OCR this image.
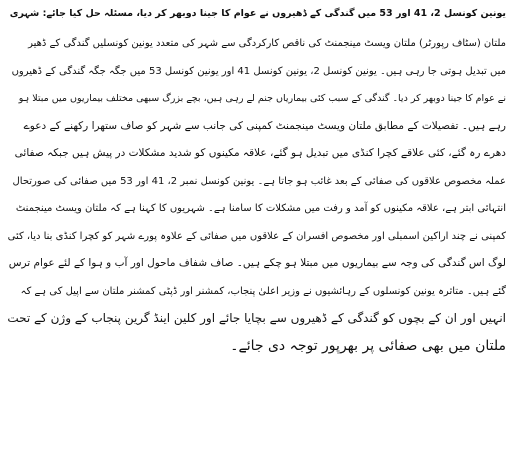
یونین کونسل 2، 41 اور 53 میں گندگی کے ڈھیروں نے عوام کا جینا دوبھر کر دیا، مسئلہ حل کیا جائے: شہری
ملتان (سٹاف رپورٹر) ملتان ویسٹ مینجمنٹ کی ناقص کارکردگی سے شہر کی متعدد یونین کونسلیں گندگی کے ڈھیر
میں تبدیل ہوتی جا رہی ہیں۔ یونین کونسل 2، یونین کونسل 41 اور یونین کونسل 53 میں جگہ جگہ گندگی کے ڈھیروں
نے عوام کا جینا دوبھر کر دیا۔ گندگی کے سبب کئی بیماریاں جنم لے رہی ہیں، بچے بزرگ سبھی مختلف بیماریوں میں مبتلا ہو
رہے ہیں۔ تفصیلات کے مطابق ملتان ویسٹ مینجمنٹ کمپنی کی جانب سے شہر کو صاف ستھرا رکھنے کے دعوے
دھرے رہ گئے، کئی علاقے کچرا کنڈی میں تبدیل ہو گئے، علاقہ مکینوں کو شدید مشکلات در پیش ہیں جبکہ صفائی
عملہ مخصوص علاقوں کی صفائی کے بعد غائب ہو جاتا ہے۔ یونین کونسل نمبر 2، 41 اور 53 میں صفائی کی صورتحال
انتہائی ابتر ہے، علاقہ مکینوں کو آمد و رفت میں مشکلات کا سامنا ہے۔ شہریوں کا کہنا ہے کہ ملتان ویسٹ مینجمنٹ
کمپنی نے چند اراکین اسمبلی اور مخصوص افسران کے علاقوں میں صفائی کے علاوہ پورے شہر کو کچرا کنڈی بنا دیا، کئی
لوگ اس گندگی کی وجہ سے بیماریوں میں مبتلا ہو چکے ہیں۔ صاف شفاف ماحول اور آب و ہوا کے لئے عوام ترس
گئے ہیں۔ متاثرہ یونین کونسلوں کے رہائشیوں نے وزیر اعلیٰ پنجاب، کمشنر اور ڈپٹی کمشنر ملتان سے اپیل کی ہے کہ
انہیں اور ان کے بچوں کو گندگی کے ڈھیروں سے بچایا جائے اور کلین اینڈ گرین پنجاب کے وژن کے تحت
ملتان میں بھی صفائی پر بھرپور توجہ دی جائے۔
